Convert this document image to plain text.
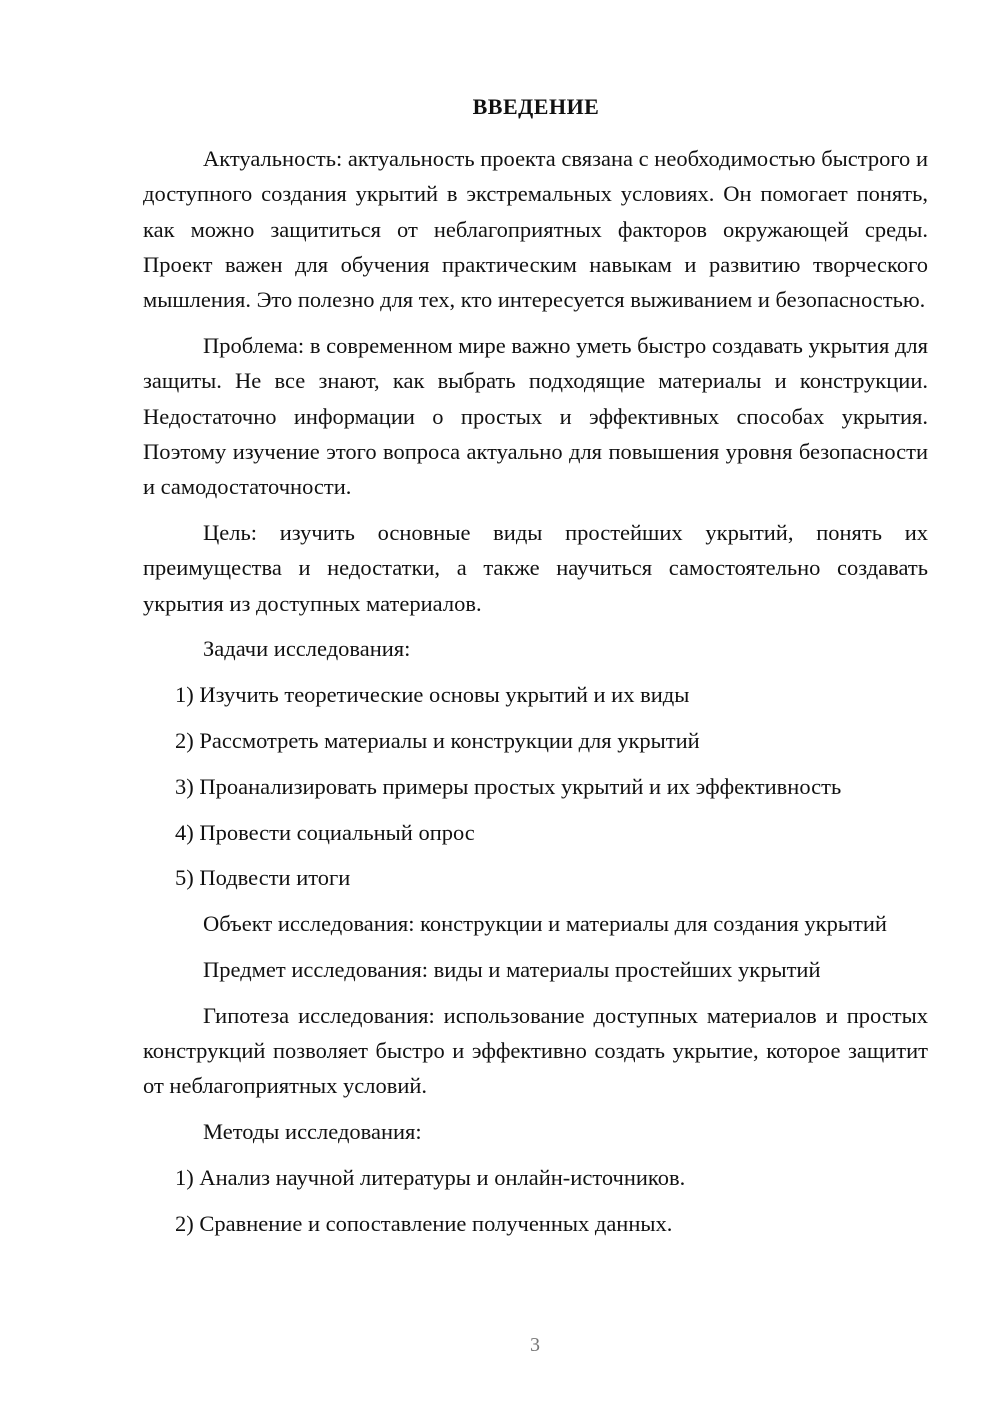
ВВЕДЕНИЕ

Актуальность: актуальность проекта связана с необходимостью быстрого и доступного создания укрытий в экстремальных условиях. Он помогает понять, как можно защититься от неблагоприятных факторов окружающей среды. Проект важен для обучения практическим навыкам и развитию творческого мышления. Это полезно для тех, кто интересуется выживанием и безопасностью.

Проблема: в современном мире важно уметь быстро создавать укрытия для защиты. Не все знают, как выбрать подходящие материалы и конструкции. Недостаточно информации о простых и эффективных способах укрытия. Поэтому изучение этого вопроса актуально для повышения уровня безопасности и самодостаточности.

Цель: изучить основные виды простейших укрытий, понять их преимущества и недостатки, а также научиться самостоятельно создавать укрытия из доступных материалов.

Задачи исследования:

1) Изучить теоретические основы укрытий и их виды

2) Рассмотреть материалы и конструкции для укрытий

3) Проанализировать примеры простых укрытий и их эффективность

4) Провести социальный опрос

5) Подвести итоги

Объект исследования: конструкции и материалы для создания укрытий

Предмет исследования: виды и материалы простейших укрытий

Гипотеза исследования: использование доступных материалов и простых конструкций позволяет быстро и эффективно создать укрытие, которое защитит от неблагоприятных условий.

Методы исследования:

1) Анализ научной литературы и онлайн-источников.

2) Сравнение и сопоставление полученных данных.

3
